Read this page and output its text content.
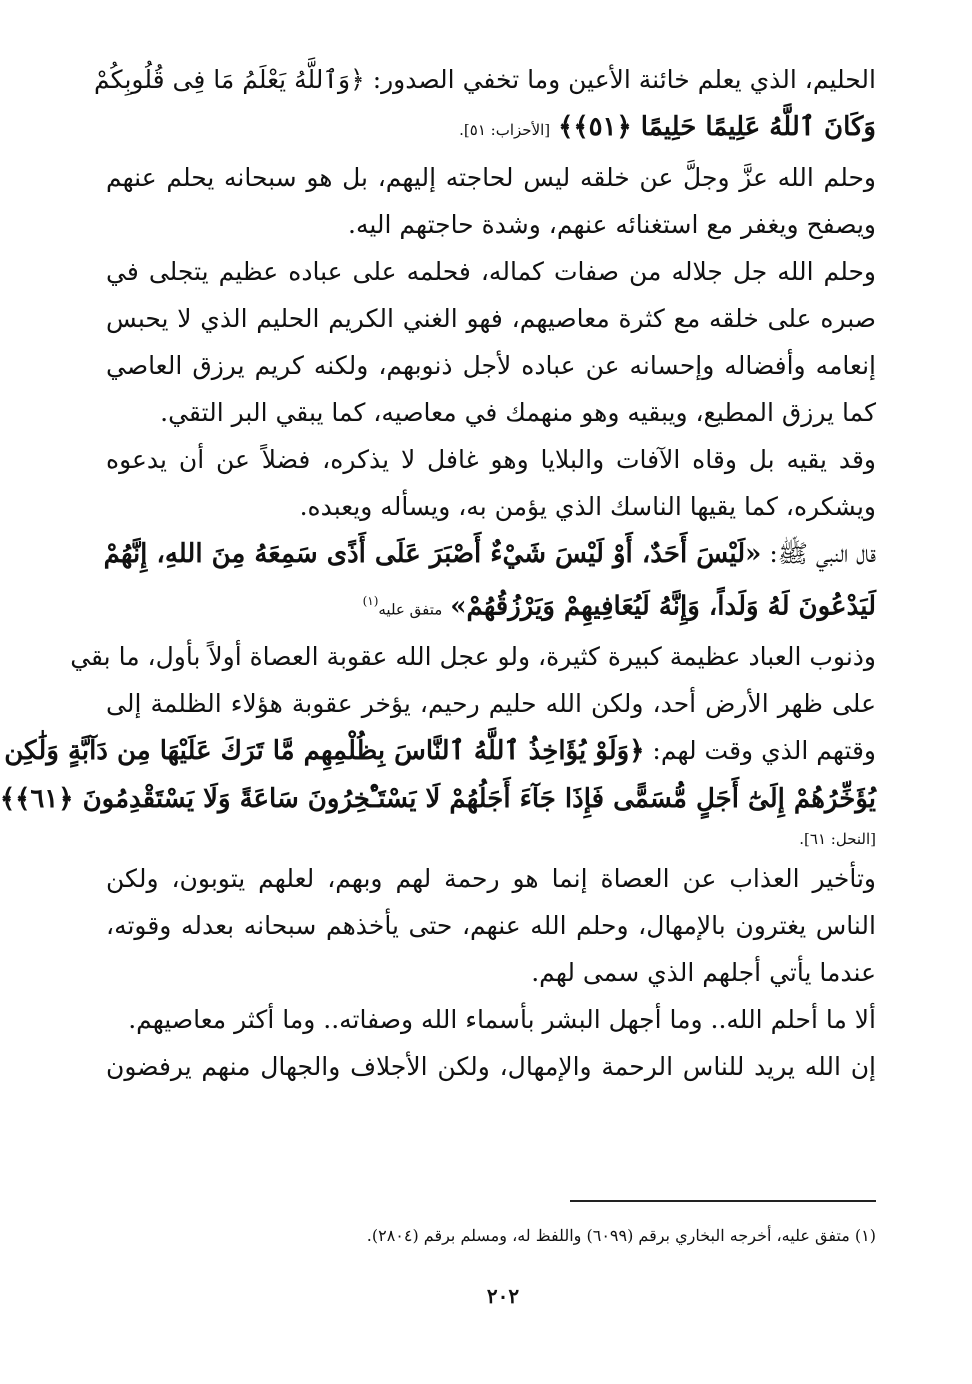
الحليم، الذي يعلم خائنة الأعين وما تخفي الصدور: ﴿وَٱللَّهُ يَعْلَمُ مَا فِى قُلُوبِكُمْ

وَكَانَ ٱللَّهُ عَلِيمًا حَلِيمًا ﴿٥١﴾﴾ [الأحزاب: ٥١].

وحلم الله عزَّ وجلَّ عن خلقه ليس لحاجته إليهم، بل هو سبحانه يحلم عنهم

ويصفح ويغفر مع استغنائه عنهم، وشدة حاجتهم اليه.

وحلم الله جل جلاله من صفات كماله، فحلمه على عباده عظيم يتجلى في

صبره على خلقه مع كثرة معاصيهم، فهو الغني الكريم الحليم الذي لا يحبس

إنعامه وأفضاله وإحسانه عن عباده لأجل ذنوبهم، ولكنه كريم يرزق العاصي

كما يرزق المطيع، ويبقيه وهو منهمك في معاصيه، كما يبقي البر التقي.

وقد يقيه بل وقاه الآفات والبلايا وهو غافل لا يذكره، فضلاً عن أن يدعوه

ويشكره، كما يقيها الناسك الذي يؤمن به، ويسأله ويعبده.

قال النبي ﷺ: «لَيْسَ أَحَدٌ، أَوْ لَيْسَ شَيْءٌ أَصْبَرَ عَلَى أَذًى سَمِعَهُ مِنَ اللهِ، إِنَّهُمْ

لَيَدْعُونَ لَهُ وَلَداً، وَإِنَّهُ لَيُعَافِيهِمْ وَيَرْزُقُهُمْ» متفق عليه$^{(١)}$

وذنوب العباد عظيمة كبيرة كثيرة، ولو عجل الله عقوبة العصاة أولاً بأول، ما بقي

على ظهر الأرض أحد، ولكن الله حليم رحيم، يؤخر عقوبة هؤلاء الظلمة إلى

وقتهم الذي وقت لهم: ﴿وَلَوْ يُؤَاخِذُ ٱللَّهُ ٱلنَّاسَ بِظُلْمِهِم مَّا تَرَكَ عَلَيْهَا مِن دَآبَّةٍ وَلَٰكِن

يُؤَخِّرُهُمْ إِلَىٰٓ أَجَلٍ مُّسَمًّى فَإِذَا جَآءَ أَجَلُهُمْ لَا يَسْتَـْٔخِرُونَ سَاعَةً وَلَا يَسْتَقْدِمُونَ ﴿٦١﴾﴾

[النحل: ٦١].

وتأخير العذاب عن العصاة إنما هو رحمة لهم وبهم، لعلهم يتوبون، ولكن

الناس يغترون بالإمهال، وحلم الله عنهم، حتى يأخذهم سبحانه بعدله وقوته،

عندما يأتي أجلهم الذي سمى لهم.

ألا ما أحلم الله.. وما أجهل البشر بأسماء الله وصفاته.. وما أكثر معاصيهم.

إن الله يريد للناس الرحمة والإمهال، ولكن الأجلاف والجهال منهم يرفضون

(١) متفق عليه، أخرجه البخاري برقم (٦٠٩٩) واللفظ له، ومسلم برقم (٢٨٠٤).
٢٠٢
